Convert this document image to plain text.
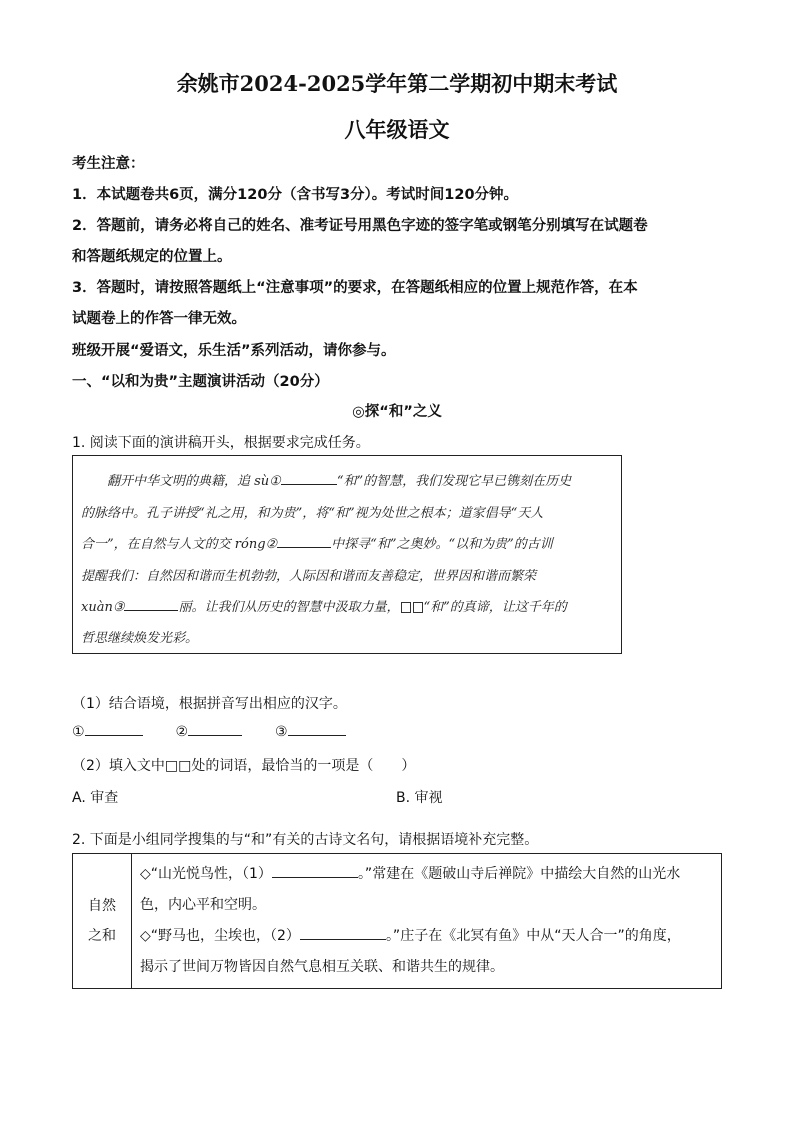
余姚市2024-2025学年第二学期初中期末考试
八年级语文
考生注意：
1．本试题卷共6页，满分120分（含书写3分）。考试时间120分钟。
2．答题前，请务必将自己的姓名、准考证号用黑色字迹的签字笔或钢笔分别填写在试题卷
和答题纸规定的位置上。
3．答题时，请按照答题纸上“注意事项”的要求，在答题纸相应的位置上规范作答，在本
试题卷上的作答一律无效。
班级开展“爱语文，乐生活”系列活动，请你参与。
一、“以和为贵”主题演讲活动（20分）
◎探“和”之义
1. 阅读下面的演讲稿开头，根据要求完成任务。
翻开中华文明的典籍，追 sù①	“和”的智慧，我们发现它早已镌刻在历史
的脉络中。孔子讲授“礼之用，和为贵”，将“和”视为处世之根本；道家倡导“天人
合一”，在自然与人文的交 róng②	中探寻“和”之奥妙。“以和为贵”的古训
提醒我们：自然因和谐而生机勃勃，人际因和谐而友善稳定，世界因和谐而繁荣
xuàn③	丽。让我们从历史的智慧中汲取力量， “和”的真谛，让这千年的
哲思继续焕发光彩。
（1）结合语境，根据拼音写出相应的汉字。
①	②	③
（2）填入文中□□处的词语，最恰当的一项是（　　）
A. 审查	B. 审视
2. 下面是小组同学搜集的与“和”有关的古诗文名句，请根据语境补充完整。
自然
之和

◇“山光悦鸟性，（1）	。”常建在《题破山寺后禅院》中描绘大自然的山光水
色，内心平和空明。
◇“野马也，尘埃也，（2）	。”庄子在《北冥有鱼》中从“天人合一”的角度，
揭示了世间万物皆因自然气息相互关联、和谐共生的规律。
